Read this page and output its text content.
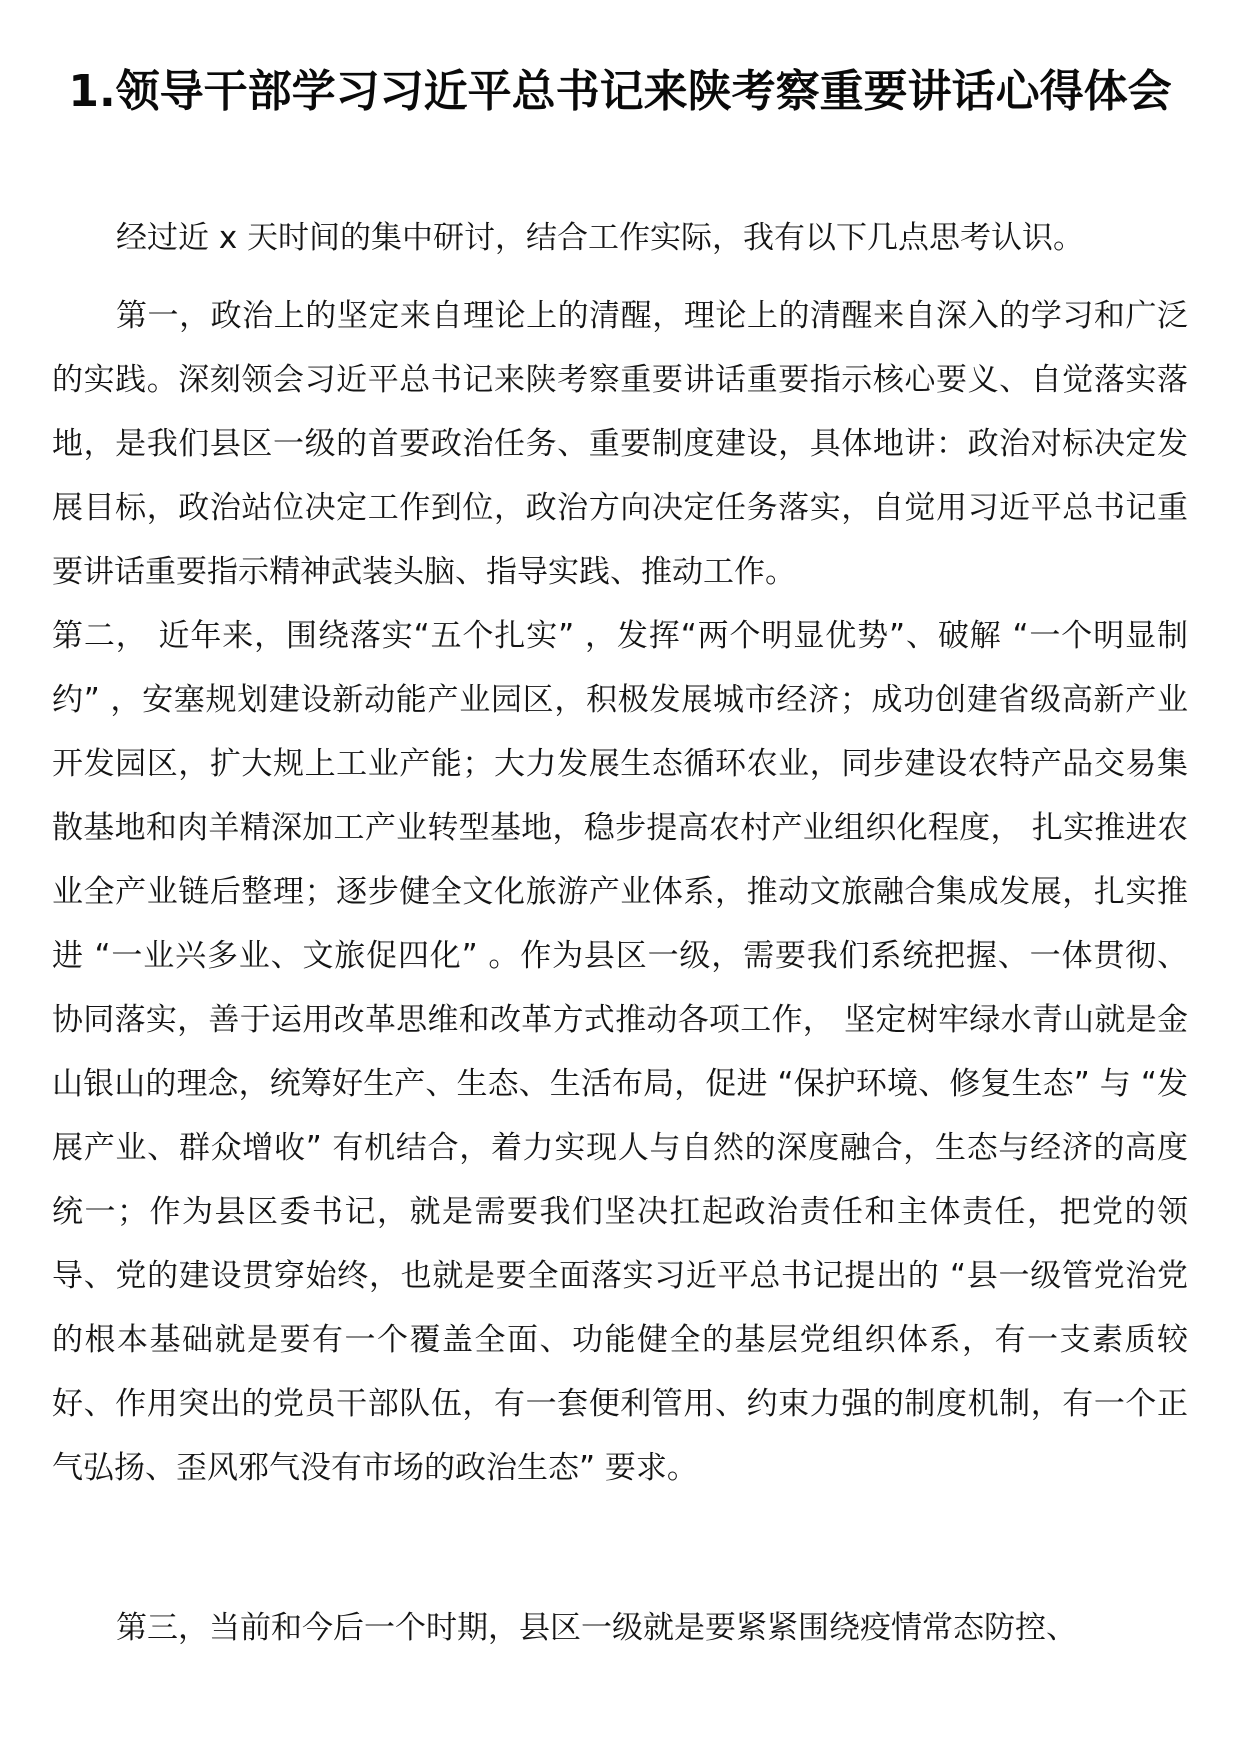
1.领导干部学习习近平总书记来陕考察重要讲话心得体会

经过近 x 天时间的集中研讨，结合工作实际，我有以下几点思考认识。

第一，政治上的坚定来自理论上的清醒，理论上的清醒来自深入的学习和广泛的实践。深刻领会习近平总书记来陕考察重要讲话重要指示核心要义、自觉落实落地，是我们县区一级的首要政治任务、重要制度建设，具体地讲：政治对标决定发展目标，政治站位决定工作到位，政治方向决定任务落实，自觉用习近平总书记重要讲话重要指示精神武装头脑、指导实践、推动工作。

第二， 近年来，围绕落实“五个扎实” ，发挥“两个明显优势”、破解 “一个明显制约” ，安塞规划建设新动能产业园区，积极发展城市经济；成功创建省级高新产业开发园区，扩大规上工业产能；大力发展生态循环农业，同步建设农特产品交易集散基地和肉羊精深加工产业转型基地，稳步提高农村产业组织化程度， 扎实推进农业全产业链后整理；逐步健全文化旅游产业体系，推动文旅融合集成发展，扎实推进 “一业兴多业、文旅促四化” 。作为县区一级，需要我们系统把握、一体贯彻、协同落实，善于运用改革思维和改革方式推动各项工作， 坚定树牢绿水青山就是金山银山的理念，统筹好生产、生态、生活布局，促进 “保护环境、修复生态” 与 “发展产业、群众增收” 有机结合，着力实现人与自然的深度融合，生态与经济的高度统一；作为县区委书记，就是需要我们坚决扛起政治责任和主体责任，把党的领导、党的建设贯穿始终，也就是要全面落实习近平总书记提出的 “县一级管党治党的根本基础就是要有一个覆盖全面、功能健全的基层党组织体系，有一支素质较好、作用突出的党员干部队伍，有一套便利管用、约束力强的制度机制，有一个正气弘扬、歪风邪气没有市场的政治生态” 要求。

第三，当前和今后一个时期，县区一级就是要紧紧围绕疫情常态防控、
